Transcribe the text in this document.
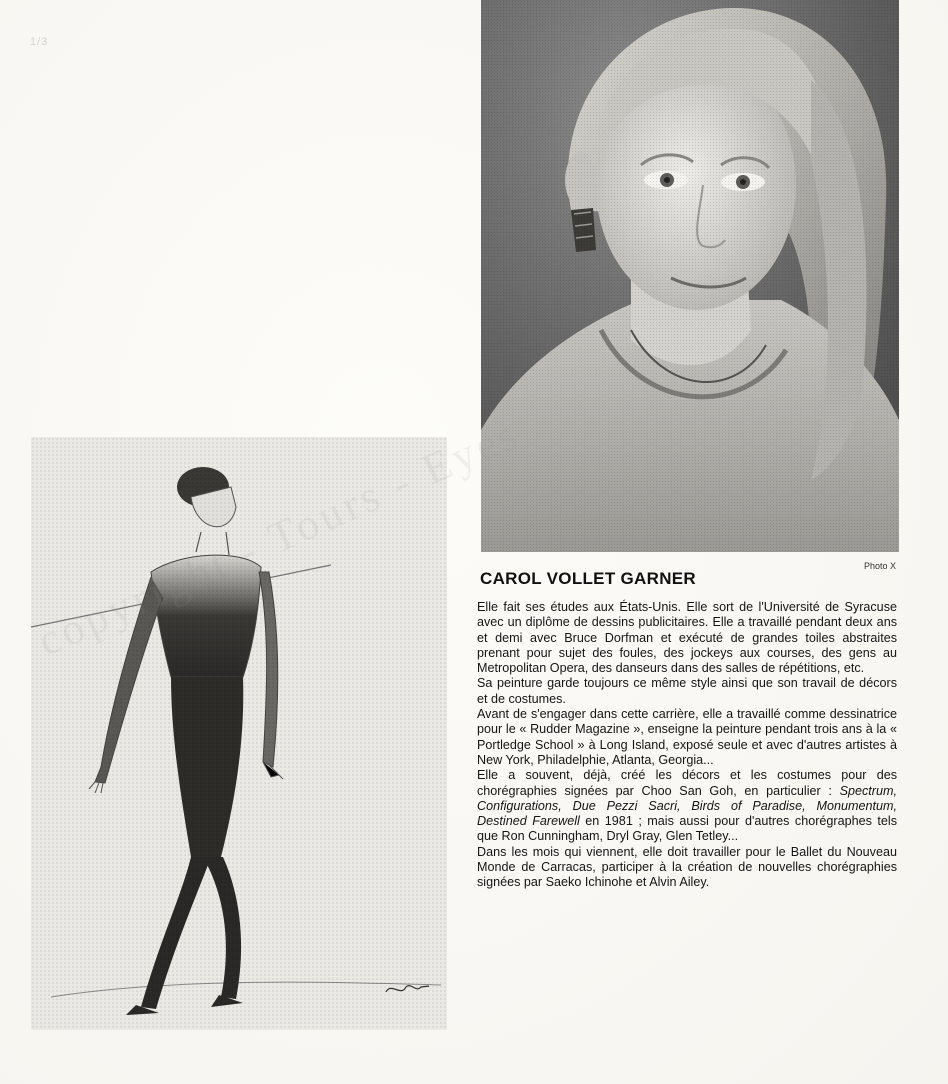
1/3
Photo X
CAROL VOLLET GARNER

Elle fait ses études aux États-Unis. Elle sort de l'Université de Syracuse avec un diplôme de dessins publicitaires. Elle a travaillé pendant deux ans et demi avec Bruce Dorfman et exécuté de grandes toiles abstraites prenant pour sujet des foules, des jockeys aux courses, des gens au Metropolitan Opera, des danseurs dans des salles de répétitions, etc.

Sa peinture garde toujours ce même style ainsi que son travail de décors et de costumes.

Avant de s'engager dans cette carrière, elle a travaillé comme dessinatrice pour le « Rudder Magazine », enseigne la peinture pendant trois ans à la « Portledge School » à Long Island, exposé seule et avec d'autres artistes à New York, Philadelphie, Atlanta, Georgia...

Elle a souvent, déjà, créé les décors et les costumes pour des chorégraphies signées par Choo San Goh, en particulier : Spectrum, Configurations, Due Pezzi Sacri, Birds of Paradise, Monumentum, Destined Farewell en 1981 ; mais aussi pour d'autres chorégraphes tels que Ron Cunningham, Dryl Gray, Glen Tetley...

Dans les mois qui viennent, elle doit travailler pour le Ballet du Nouveau Monde de Carracas, participer à la création de nouvelles chorégraphies signées par Saeko Ichinohe et Alvin Ailey.

Eyes
